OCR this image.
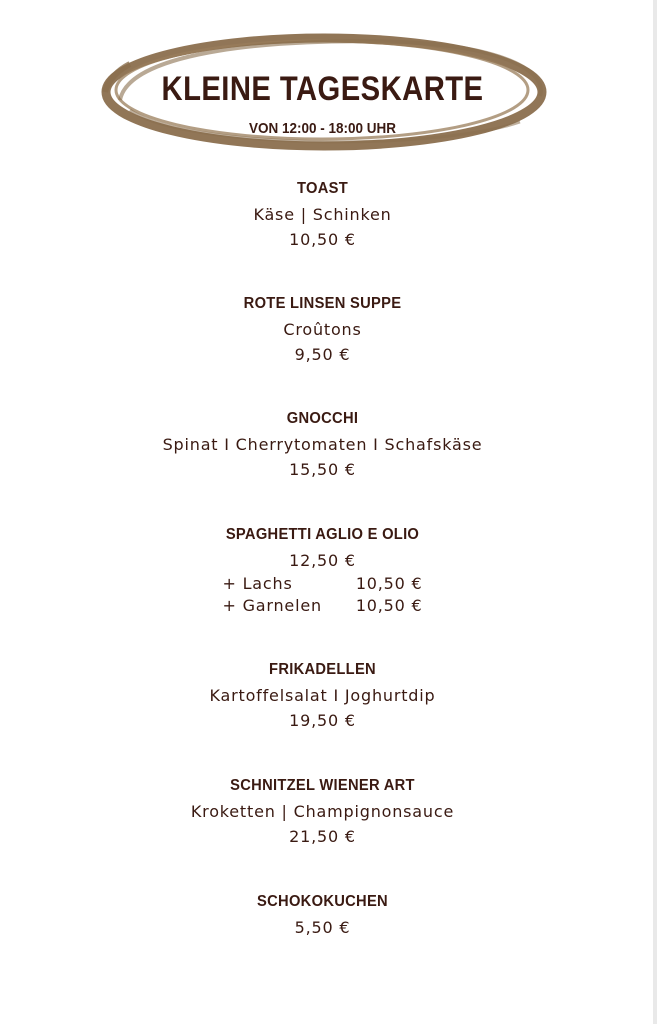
KLEINE TAGESKARTE
VON 12:00 - 18:00 UHR
TOAST
Käse | Schinken
10,50 €
ROTE LINSEN SUPPE
Croûtons
9,50 €
GNOCCHI
Spinat I Cherrytomaten I Schafskäse
15,50 €
SPAGHETTI AGLIO E OLIO
12,50 €
+ Lachs	10,50 €
+ Garnelen 10,50 €
FRIKADELLEN
Kartoffelsalat I Joghurtdip
19,50 €
SCHNITZEL WIENER ART
Kroketten | Champignonsauce
21,50 €
SCHOKOKUCHEN
5,50 €
